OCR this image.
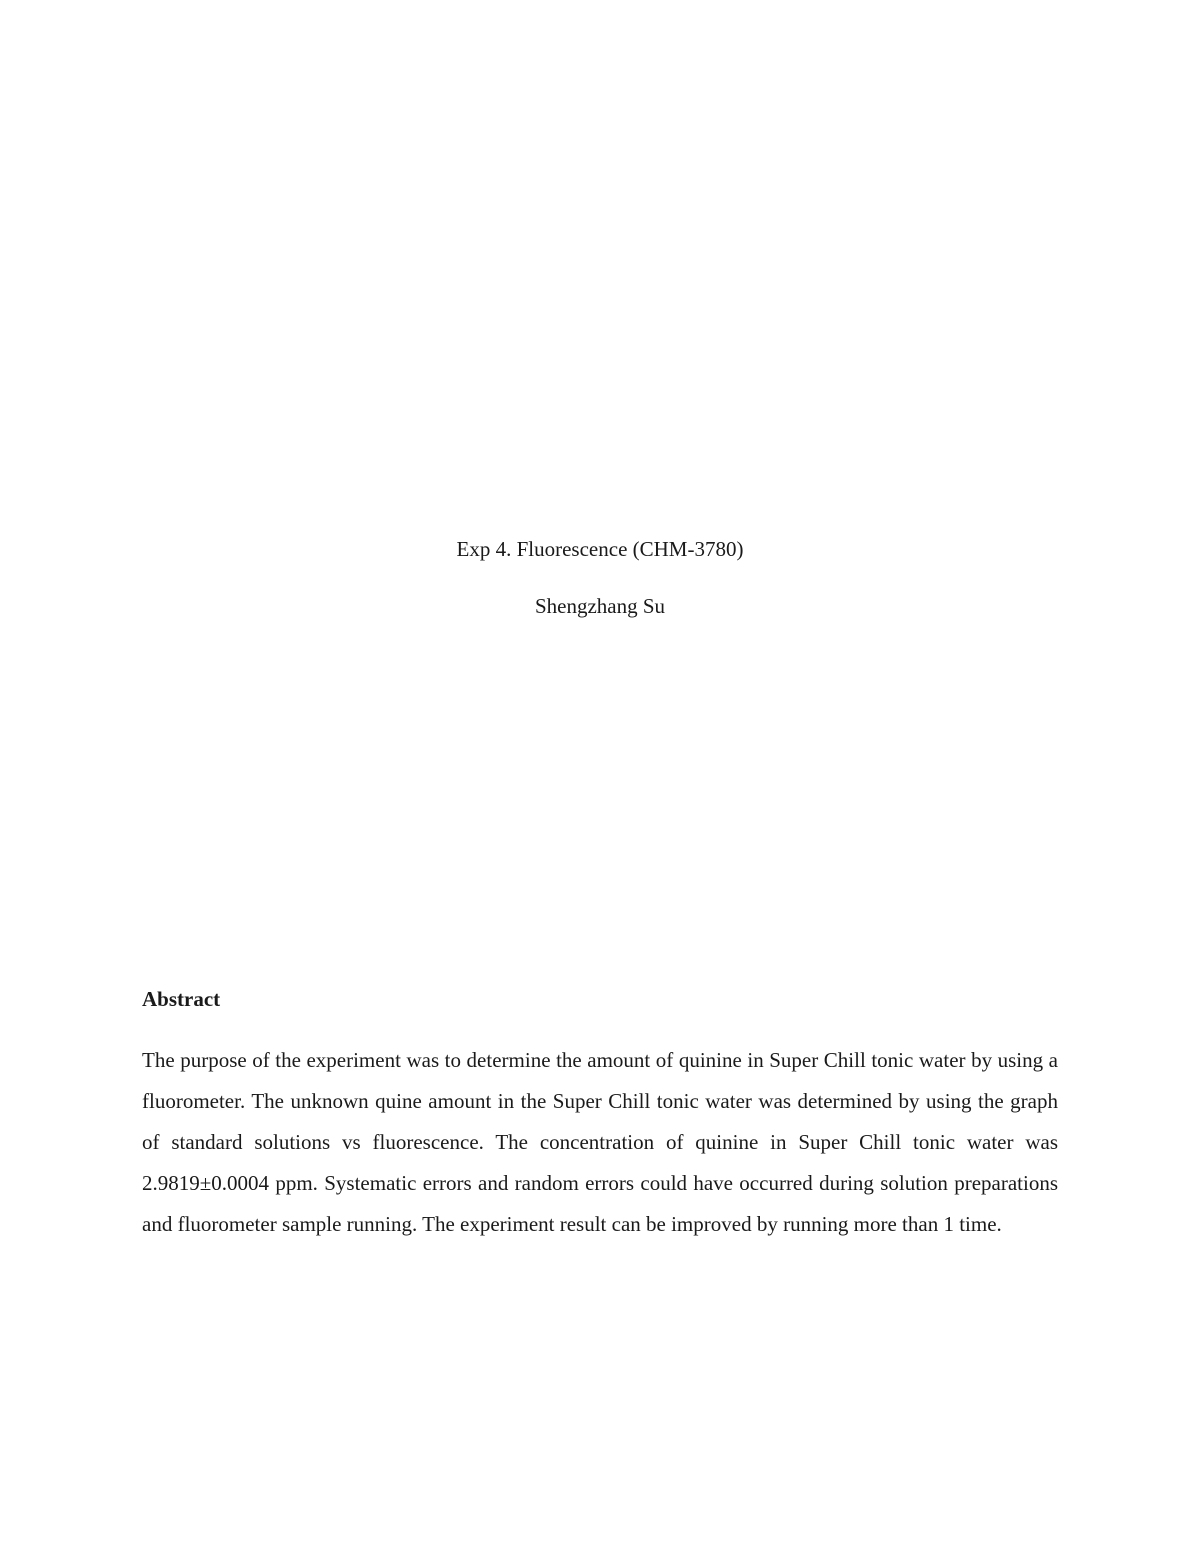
Exp 4. Fluorescence (CHM-3780)

Shengzhang Su

Abstract

The purpose of the experiment was to determine the amount of quinine in Super Chill tonic water by using a fluorometer. The unknown quine amount in the Super Chill tonic water was determined by using the graph of standard solutions vs fluorescence. The concentration of quinine in Super Chill tonic water was 2.9819±0.0004 ppm. Systematic errors and random errors could have occurred during solution preparations and fluorometer sample running. The experiment result can be improved by running more than 1 time.
